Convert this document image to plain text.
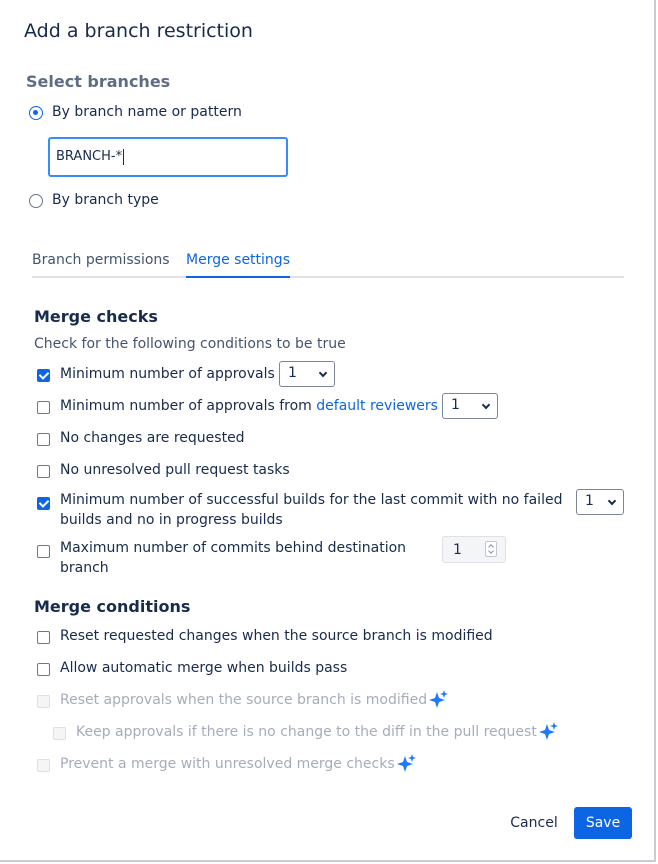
Add a branch restriction
Select branches
By branch name or pattern
BRANCH-*
By branch type
Branch permissions Merge settings
Merge checks
Check for the following conditions to be true
Minimum number of approvals 1
Minimum number of approvals from default reviewers 1
No changes are requested
No unresolved pull request tasks
Minimum number of successful builds for the last commit with no failed
builds and no in progress builds
1
Maximum number of commits behind destination
branch
1
Merge conditions
Reset requested changes when the source branch is modified
Allow automatic merge when builds pass
Reset approvals when the source branch is modified
Keep approvals if there is no change to the diff in the pull request
Prevent a merge with unresolved merge checks
Cancel	Save
